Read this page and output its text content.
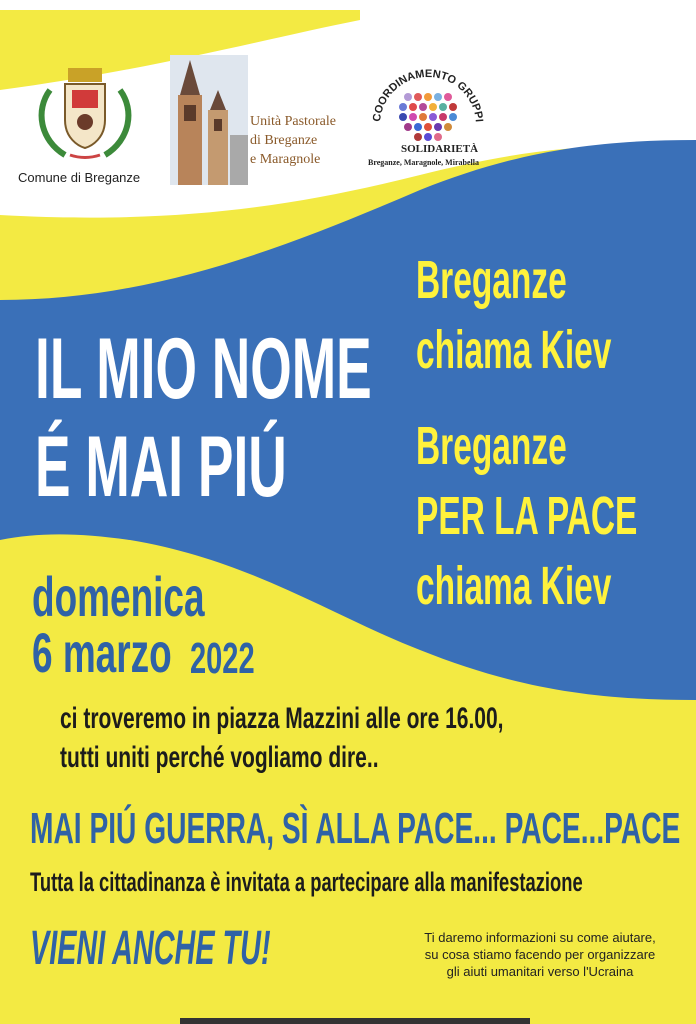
Comune di Breganze
Unità Pastorale
di Breganze
e Maragnole
COORDINAMENTO GRUPPI
SOLIDARIETÀ
Breganze, Maragnole, Mirabella
IL MIO NOME
É MAI PIÚ
Breganze
chiama Kiev
Breganze
PER LA PACE
chiama Kiev
domenica
6 marzo 2022
ci troveremo in piazza Mazzini alle ore 16.00,
tutti uniti perché vogliamo dire..
MAI PIÚ GUERRA, SÌ ALLA PACE... PACE...PACE
Tutta la cittadinanza è invitata a partecipare alla manifestazione
VIENI ANCHE TU!	Ti daremo informazioni su come aiutare,
su cosa stiamo facendo per organizzare
gli aiuti umanitari verso l'Ucraina
